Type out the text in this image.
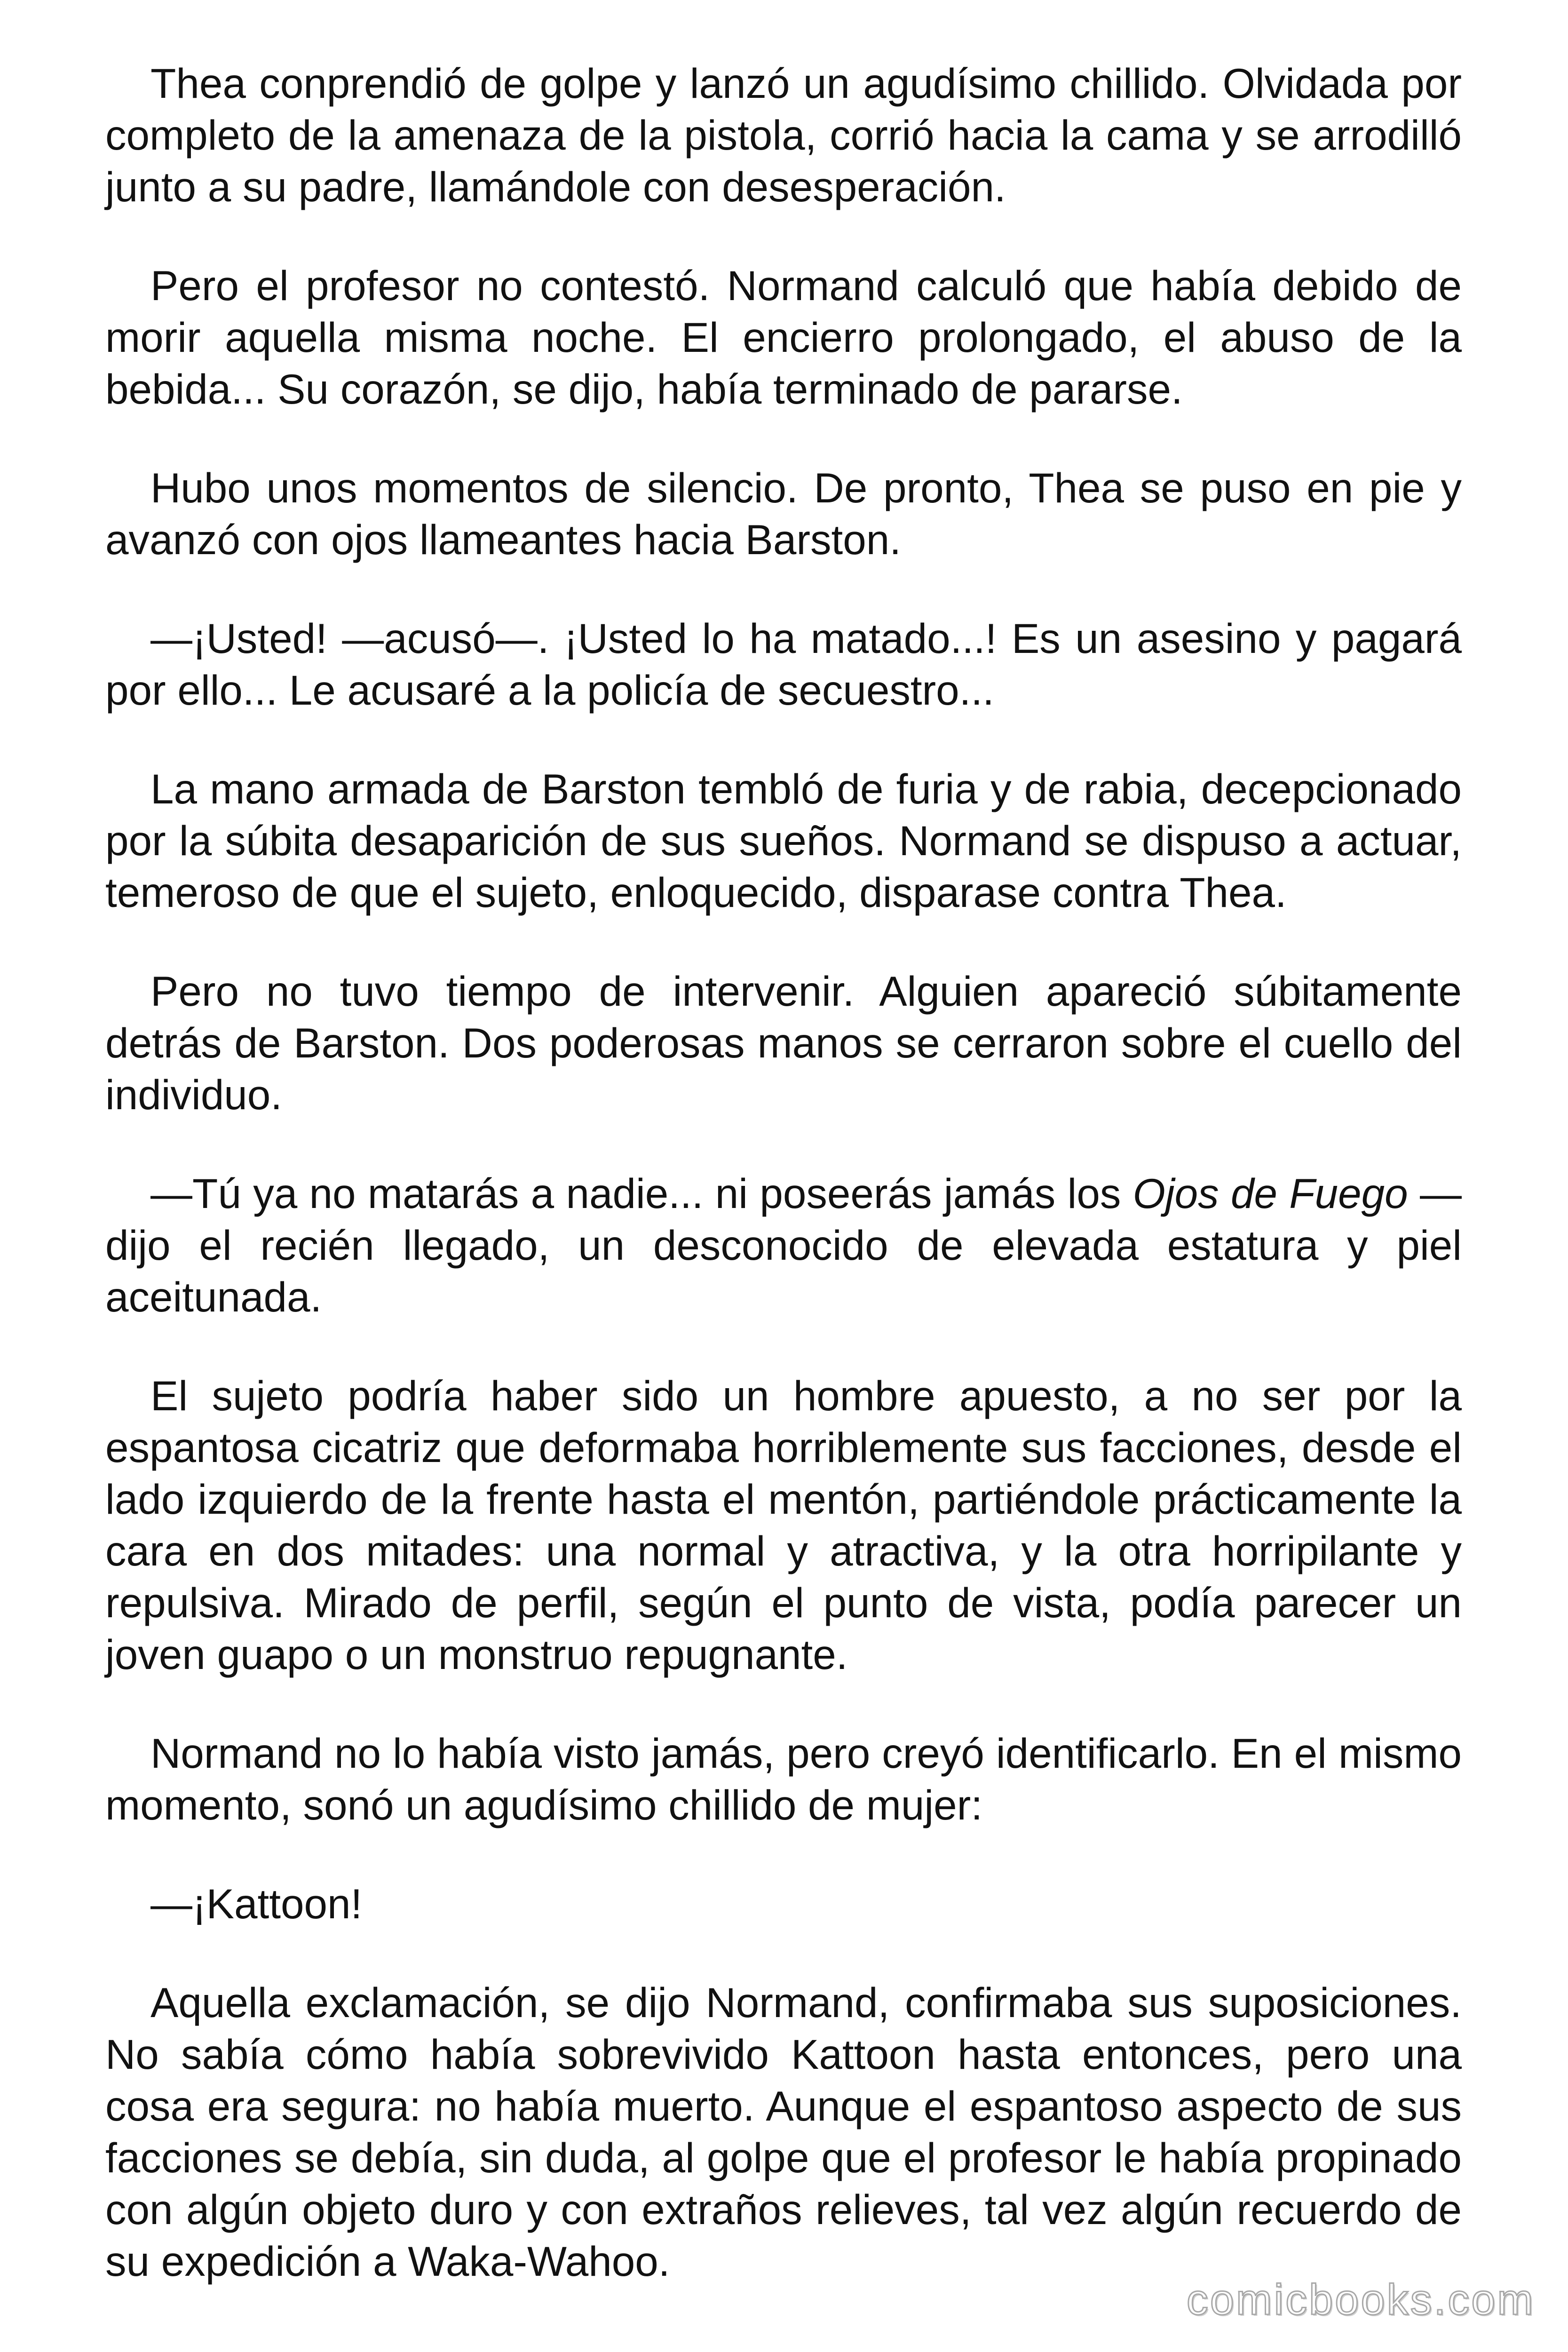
Thea conprendió de golpe y lanzó un agudísimo chillido. Olvidada por completo de la amenaza de la pistola, corrió hacia la cama y se arrodilló junto a su padre, llamándole con desesperación.

Pero el profesor no contestó. Normand calculó que había debido de morir aquella misma noche. El encierro prolongado, el abuso de la bebida... Su corazón, se dijo, había terminado de pararse.

Hubo unos momentos de silencio. De pronto, Thea se puso en pie y avanzó con ojos llameantes hacia Barston.

—¡Usted! —acusó—. ¡Usted lo ha matado...! Es un asesino y pagará por ello... Le acusaré a la policía de secuestro...

La mano armada de Barston tembló de furia y de rabia, decepcionado por la súbita desaparición de sus sueños. Normand se dispuso a actuar, temeroso de que el sujeto, enloquecido, disparase contra Thea.

Pero no tuvo tiempo de intervenir. Alguien apareció súbitamente detrás de Barston. Dos poderosas manos se cerraron sobre el cuello del individuo.

—Tú ya no matarás a nadie... ni poseerás jamás los Ojos de Fuego —dijo el recién llegado, un desconocido de elevada estatura y piel aceitunada.

El sujeto podría haber sido un hombre apuesto, a no ser por la espantosa cicatriz que deformaba horriblemente sus facciones, desde el lado izquierdo de la frente hasta el mentón, partiéndole prácticamente la cara en dos mitades: una normal y atractiva, y la otra horripilante y repulsiva. Mirado de perfil, según el punto de vista, podía parecer un joven guapo o un monstruo repugnante.

Normand no lo había visto jamás, pero creyó identificarlo. En el mismo momento, sonó un agudísimo chillido de mujer:

—¡Kattoon!

Aquella exclamación, se dijo Normand, confirmaba sus suposiciones. No sabía cómo había sobrevivido Kattoon hasta entonces, pero una cosa era segura: no había muerto. Aunque el espantoso aspecto de sus facciones se debía, sin duda, al golpe que el profesor le había propinado con algún objeto duro y con extraños relieves, tal vez algún recuerdo de su expedición a Waka-Wahoo.

comicbooks.com
